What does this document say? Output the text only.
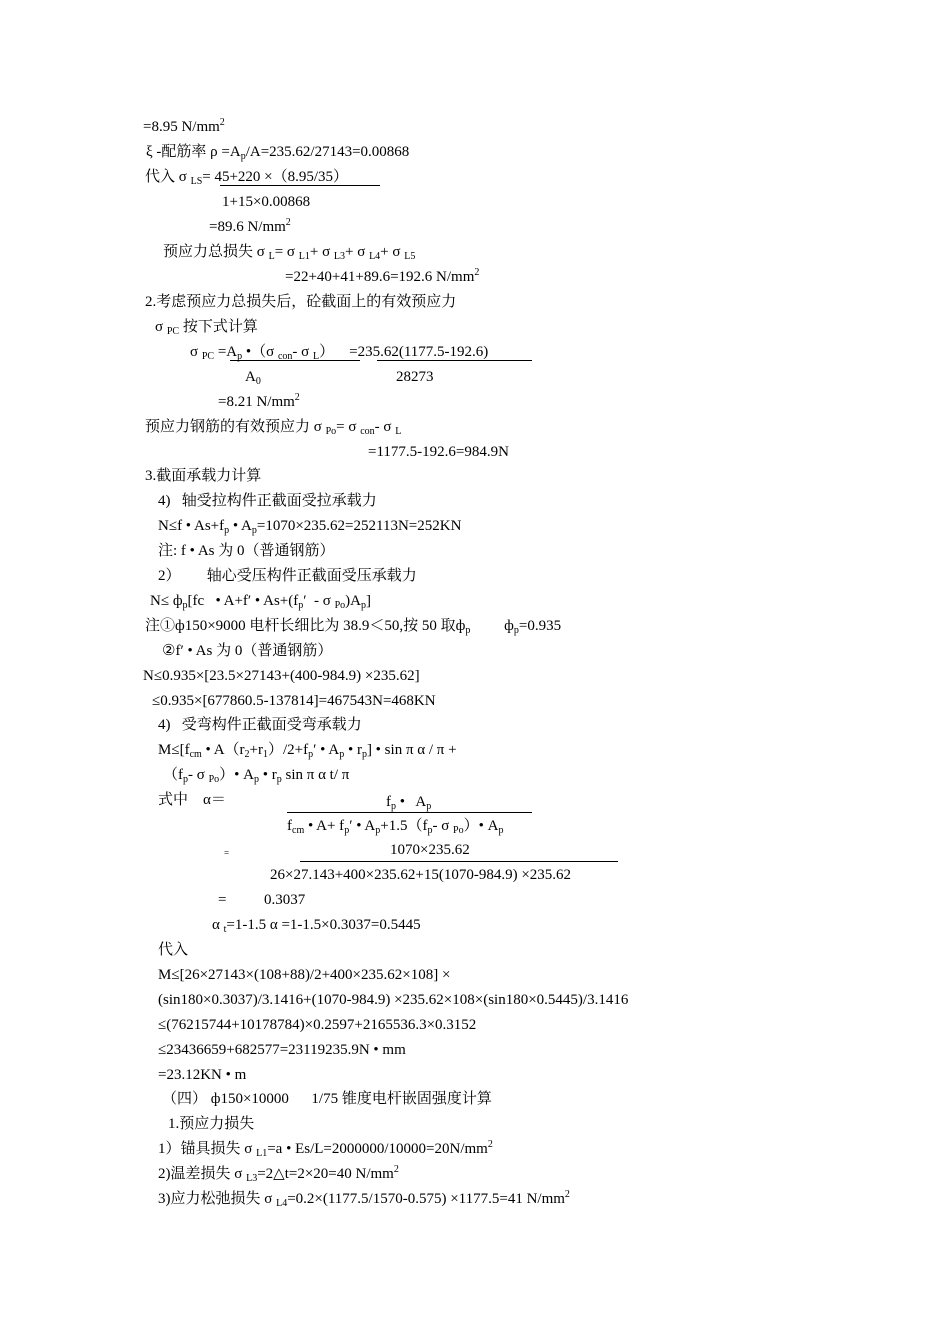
=8.95 $N/mm^2$
ξ -配筋率 $\rho =A_p/A=235.62/27143=0.00868$
代入 σ $_{LS}$= 45+220 ×（8.95/35）
1+15×0.00868
=89.6 $N/mm^2$
预应力总损失 σ $_L$= σ $_{L1}$+ σ $_{L3}$+ σ $_{L4}$+ σ $_{L5}$
=22+40+41+89.6=192.6 $N/mm^2$
2.考虑预应力总损失后，砼截面上的有效预应力
σ $_{PC}$ 按下式计算
σ $_{PC} =A_p$ •（σ $_{con}$- σ $_L$）    =235.62(1177.5-192.6)
$A_0$	28273
=8.21 $N/mm^2$
预应力钢筋的有效预应力 σ $_{Po}$= σ $_{con}$- σ $_L$
=1177.5-192.6=984.9N
3.截面承载力计算
4)   轴受拉构件正截面受拉承载力
N≤f • $As+f_p$ • $A_p=1070\times 235.62=252113N=252KN$
注: f • As 为 0（普通钢筋）
2）       轴心受压构件正截面受压承载力
$N\le ф_p[fc$   • A+f′ • $As+(f_p' - \sigma$ $_{Po})A_p$]
注①ф150×9000 电杆长细比为 38.9＜50,按 50 取$ф_p$         $ф_p=0.935$
②f′ • As 为 0（普通钢筋）
N≤0.935×[23.5×27143+(400-984.9) ×235.62]
≤0.935×[677860.5-137814]=467543N=468KN
4)   受弯构件正截面受弯承载力
$M\le[f_{cm}$ • $A(r_2+r_1)/2+f_p'$ • $A_p$ • $r_p$] • sin π α / π +
（$f_p-$ σ $_{Po}$）• $A_p$ • $r_p$ sin π α t/ π
式中    α＝	$f_p$ •   $A_p$
$f_{cm}$ • $A+ f_p'$ • $A_p+1.5(f_p-$ σ $_{Po}$）• $A_p$
=	1070×235.62
26×27.143+400×235.62+15(1070-984.9) ×235.62
=          0.3037
α $_t$=1-1.5 α =1-1.5×0.3037=0.5445
代入
M≤[26×27143×(108+88)/2+400×235.62×108] ×
(sin180×0.3037)/3.1416+(1070-984.9) ×235.62×108×(sin180×0.5445)/3.1416
≤(76215744+10178784)×0.2597+2165536.3×0.3152
≤23436659+682577=23119235.9N • mm
=23.12KN • m
（四） ф150×10000      1/75 锥度电杆嵌固强度计算
1.预应力损失
1）锚具损失 σ $_{L1}$=a • $Es/L=2000000/10000=20N/mm^2$
2)温差损失 σ $_{L3}$=2△t=2×20=40 $N/mm^2$
3)应力松弛损失 σ $_{L4}$=0.2×(1177.5/1570-0.575) ×1177.5=41 $N/mm^2$
